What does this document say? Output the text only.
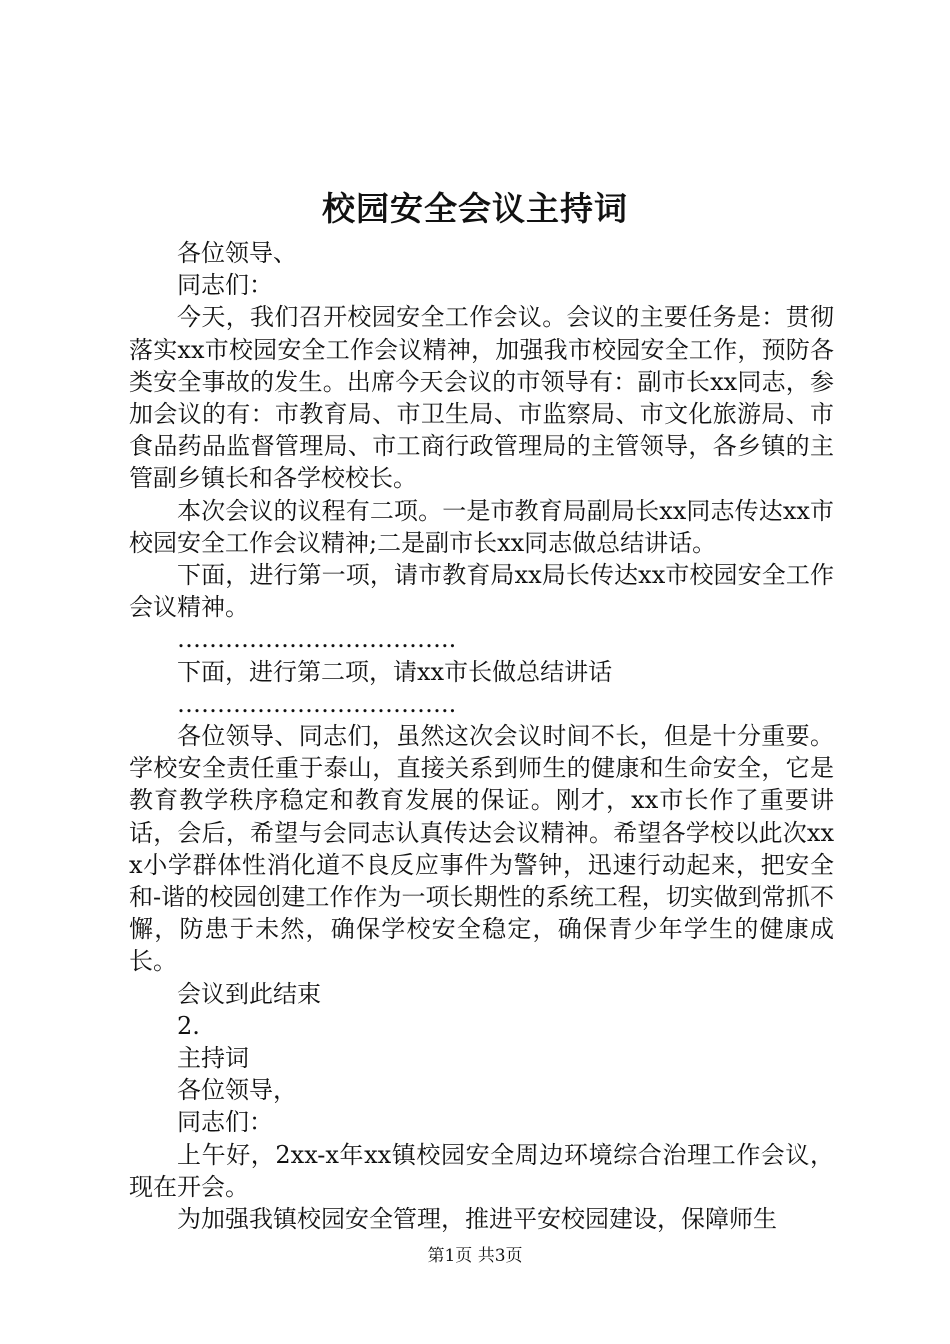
校园安全会议主持词

各位领导、

同志们：

今天，我们召开校园安全工作会议。会议的主要任务是：贯彻落实xx市校园安全工作会议精神，加强我市校园安全工作，预防各类安全事故的发生。出席今天会议的市领导有：副市长xx同志，参加会议的有：市教育局、市卫生局、市监察局、市文化旅游局、市食品药品监督管理局、市工商行政管理局的主管领导，各乡镇的主管副乡镇长和各学校校长。

本次会议的议程有二项。一是市教育局副局长xx同志传达xx市校园安全工作会议精神;二是副市长xx同志做总结讲话。

下面，进行第一项，请市教育局xx局长传达xx市校园安全工作会议精神。

……………………………..

下面，进行第二项，请xx市长做总结讲话

……………………………..

各位领导、同志们，虽然这次会议时间不长，但是十分重要。学校安全责任重于泰山，直接关系到师生的健康和生命安全，它是教育教学秩序稳定和教育发展的保证。刚才，xx市长作了重要讲话，会后，希望与会同志认真传达会议精神。希望各学校以此次xxx小学群体性消化道不良反应事件为警钟，迅速行动起来，把安全和-谐的校园创建工作作为一项长期性的系统工程，切实做到常抓不懈，防患于未然，确保学校安全稳定，确保青少年学生的健康成长。

会议到此结束

2.

主持词

各位领导，

同志们：

上午好，2xx-x年xx镇校园安全周边环境综合治理工作会议，现在开会。

为加强我镇校园安全管理，推进平安校园建设，保障师生

第1页 共3页
